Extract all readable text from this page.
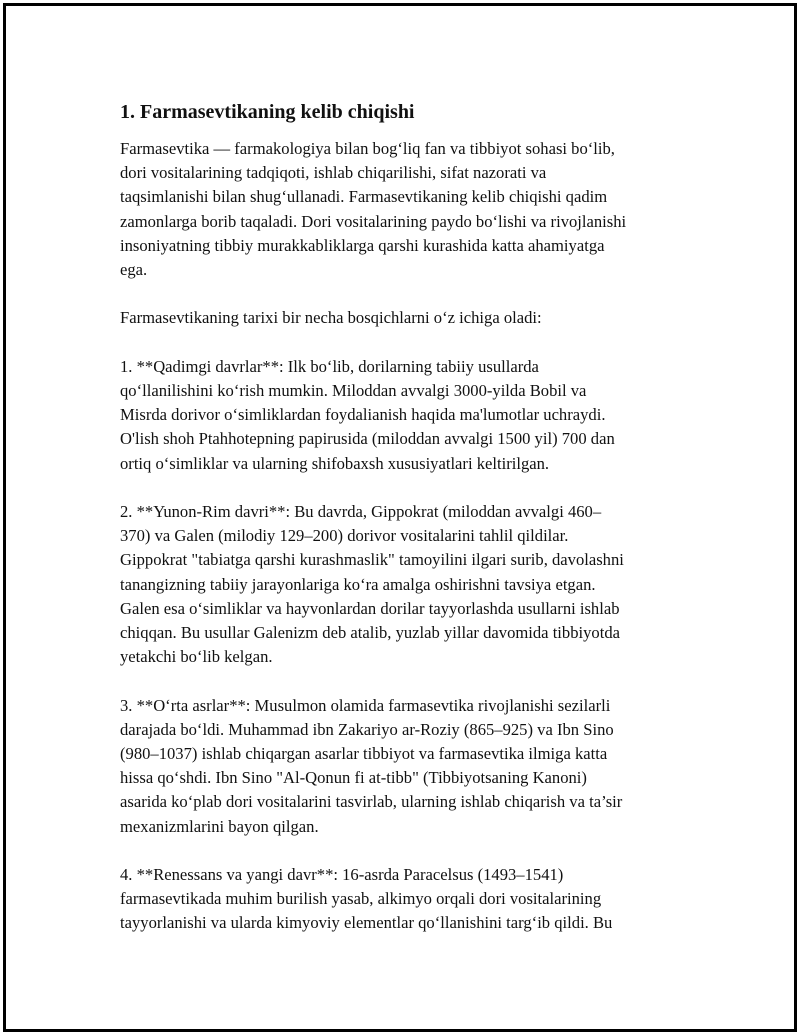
1. Farmasevtikaning kelib chiqishi

Farmasevtika — farmakologiya bilan bog‘liq fan va tibbiyot sohasi bo‘lib,
dori vositalarining tadqiqoti, ishlab chiqarilishi, sifat nazorati va
taqsimlanishi bilan shug‘ullanadi. Farmasevtikaning kelib chiqishi qadim
zamonlarga borib taqaladi. Dori vositalarining paydo bo‘lishi va rivojlanishi
insoniyatning tibbiy murakkabliklarga qarshi kurashida katta ahamiyatga
ega.

Farmasevtikaning tarixi bir necha bosqichlarni o‘z ichiga oladi:

1. **Qadimgi davrlar**: Ilk bo‘lib, dorilarning tabiiy usullarda
qo‘llanilishini ko‘rish mumkin. Miloddan avvalgi 3000-yilda Bobil va
Misrda dorivor o‘simliklardan foydalianish haqida ma'lumotlar uchraydi.
O'lish shoh Ptahhotepning papirusida (miloddan avvalgi 1500 yil) 700 dan
ortiq o‘simliklar va ularning shifobaxsh xususiyatlari keltirilgan.

2. **Yunon-Rim davri**: Bu davrda, Gippokrat (miloddan avvalgi 460–
370) va Galen (milodiy 129–200) dorivor vositalarini tahlil qildilar.
Gippokrat "tabiatga qarshi kurashmaslik" tamoyilini ilgari surib, davolashni
tanangizning tabiiy jarayonlariga ko‘ra amalga oshirishni tavsiya etgan.
Galen esa o‘simliklar va hayvonlardan dorilar tayyorlashda usullarni ishlab
chiqqan. Bu usullar Galenizm deb atalib, yuzlab yillar davomida tibbiyotda
yetakchi bo‘lib kelgan.

3. **O‘rta asrlar**: Musulmon olamida farmasevtika rivojlanishi sezilarli
darajada bo‘ldi. Muhammad ibn Zakariyo ar-Roziy (865–925) va Ibn Sino
(980–1037) ishlab chiqargan asarlar tibbiyot va farmasevtika ilmiga katta
hissa qo‘shdi. Ibn Sino "Al-Qonun fi at-tibb" (Tibbiyotsaning Kanoni)
asarida ko‘plab dori vositalarini tasvirlab, ularning ishlab chiqarish va ta’sir
mexanizmlarini bayon qilgan.

4. **Renessans va yangi davr**: 16-asrda Paracelsus (1493–1541)
farmasevtikada muhim burilish yasab, alkimyo orqali dori vositalarining
tayyorlanishi va ularda kimyoviy elementlar qo‘llanishini targ‘ib qildi. Bu
